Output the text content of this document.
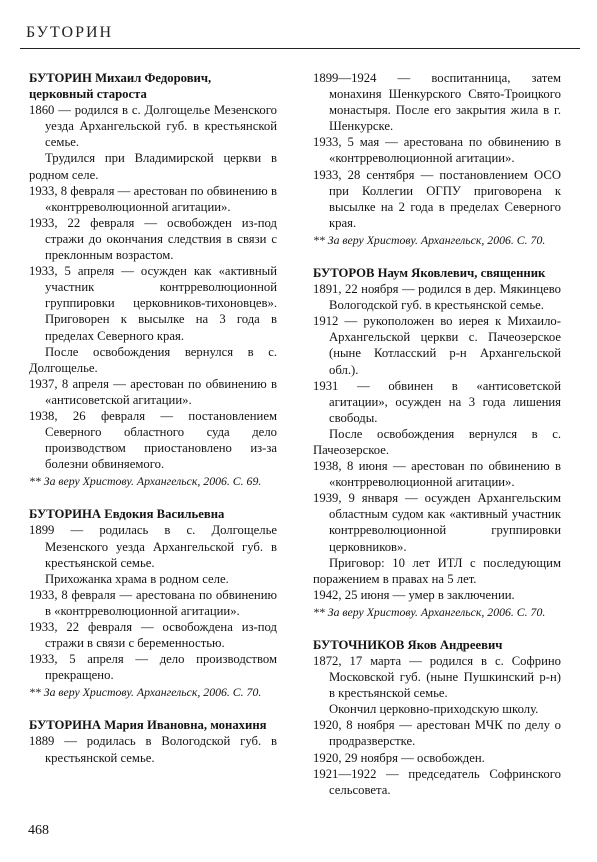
БУТОРИН

БУТОРИН Михаил Федорович, церковный староста

1860 — родился в с. Долгощелье Мезенского уезда Архангельской губ. в крестьянской семье.

Трудился при Владимирской церкви в родном селе.

1933, 8 февраля — арестован по обвинению в «контрреволюционной агитации».

1933, 22 февраля — освобожден из-под стражи до окончания следствия в связи с преклонным возрастом.

1933, 5 апреля — осужден как «активный участник контрреволюционной группировки церковников-тихоновцев». Приговорен к высылке на 3 года в пределах Северного края.

После освобождения вернулся в с. Долгощелье.

1937, 8 апреля — арестован по обвинению в «антисоветской агитации».

1938, 26 февраля — постановлением Северного областного суда дело производством приостановлено из-за болезни обвиняемого.

** За веру Христову. Архангельск, 2006. С. 69.

БУТОРИНА Евдокия Васильевна

1899 — родилась в с. Долгощелье Мезенского уезда Архангельской губ. в крестьянской семье.

Прихожанка храма в родном селе.

1933, 8 февраля — арестована по обвинению в «контрреволюционной агитации».

1933, 22 февраля — освобождена из-под стражи в связи с беременностью.

1933, 5 апреля — дело производством прекращено.

** За веру Христову. Архангельск, 2006. С. 70.

БУТОРИНА Мария Ивановна, монахиня

1889 — родилась в Вологодской губ. в крестьянской семье.

1899—1924 — воспитанница, затем монахиня Шенкурского Свято-Троицкого монастыря. После его закрытия жила в г. Шенкурске.

1933, 5 мая — арестована по обвинению в «контрреволюционной агитации».

1933, 28 сентября — постановлением ОСО при Коллегии ОГПУ приговорена к высылке на 2 года в пределах Северного края.

** За веру Христову. Архангельск, 2006. С. 70.

БУТОРОВ Наум Яковлевич, священник

1891, 22 ноября — родился в дер. Мякинцево Вологодской губ. в крестьянской семье.

1912 — рукоположен во иерея к Михаило-Архангельской церкви с. Пачеозерское (ныне Котласский р-н Архангельской обл.).

1931 — обвинен в «антисоветской агитации», осужден на 3 года лишения свободы.

После освобождения вернулся в с. Пачеозерское.

1938, 8 июня — арестован по обвинению в «контрреволюционной агитации».

1939, 9 января — осужден Архангельским областным судом как «активный участник контрреволюционной группировки церковников».

Приговор: 10 лет ИТЛ с последующим поражением в правах на 5 лет.

1942, 25 июня — умер в заключении.

** За веру Христову. Архангельск, 2006. С. 70.

БУТОЧНИКОВ Яков Андреевич

1872, 17 марта — родился в с. Софрино Московской губ. (ныне Пушкинский р-н) в крестьянской семье.

Окончил церковно-приходскую школу.

1920, 8 ноября — арестован МЧК по делу о продразверстке.

1920, 29 ноября — освобожден.

1921—1922 — председатель Софринского сельсовета.

468
